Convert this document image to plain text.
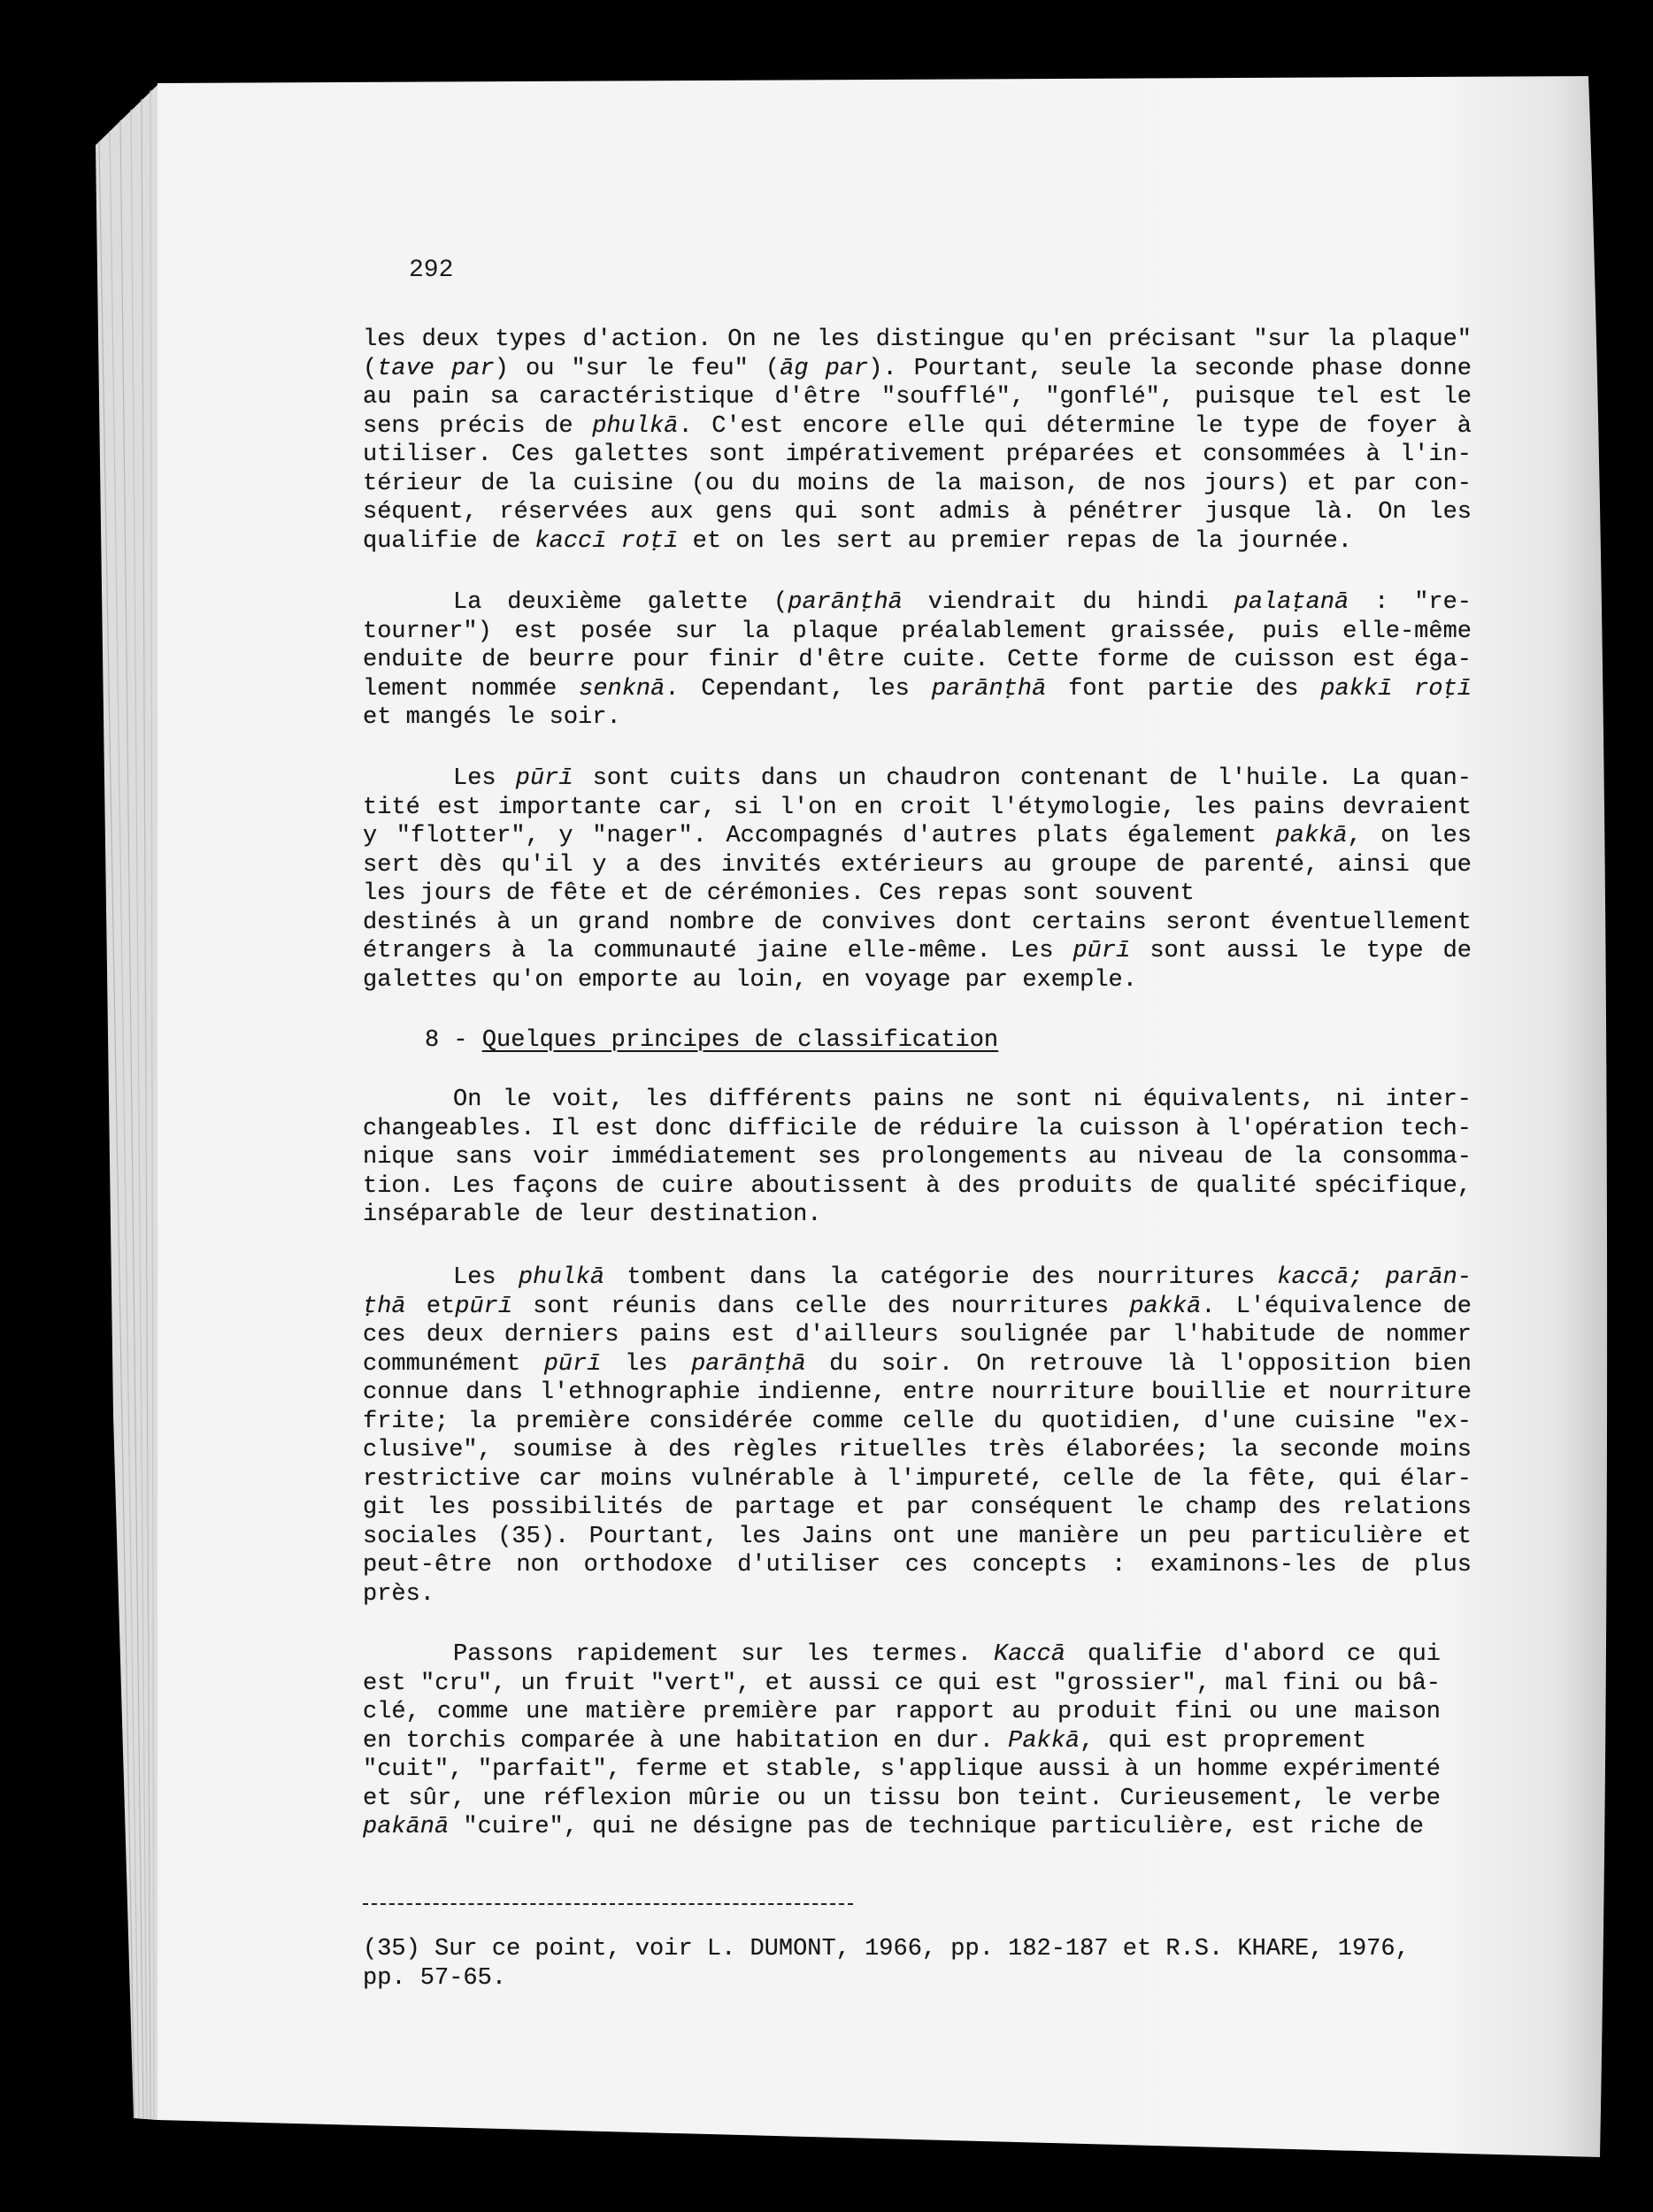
292
les deux types d'action. On ne les distingue qu'en précisant "sur la plaque"
(tave par) ou "sur le feu" (āg par). Pourtant, seule la seconde phase donne
au pain sa caractéristique d'être "soufflé", "gonflé", puisque tel est le
sens précis de phulkā. C'est encore elle qui détermine le type de foyer à
utiliser. Ces galettes sont impérativement préparées et consommées à l'in-
térieur de la cuisine (ou du moins de la maison, de nos jours) et par con-
séquent, réservées aux gens qui sont admis à pénétrer jusque là. On les
qualifie de kaccī roṭī et on les sert au premier repas de la journée.
La deuxième galette (parānṭhā viendrait du hindi palaṭanā : "re-
tourner") est posée sur la plaque préalablement graissée, puis elle-même
enduite de beurre pour finir d'être cuite. Cette forme de cuisson est éga-
lement nommée senknā. Cependant, les parānṭhā font partie des pakkī roṭī
et mangés le soir.
Les pūrī sont cuits dans un chaudron contenant de l'huile. La quan-
tité est importante car, si l'on en croit l'étymologie, les pains devraient
y "flotter", y "nager". Accompagnés d'autres plats également pakkā, on les
sert dès qu'il y a des invités extérieurs au groupe de parenté, ainsi que
les jours de fête et de cérémonies. Ces repas sont souvent
destinés à un grand nombre de convives dont certains seront éventuellement
étrangers à la communauté jaine elle-même. Les pūrī sont aussi le type de
galettes qu'on emporte au loin, en voyage par exemple.
8 - Quelques principes de classification
On le voit, les différents pains ne sont ni équivalents, ni inter-
changeables. Il est donc difficile de réduire la cuisson à l'opération tech-
nique sans voir immédiatement ses prolongements au niveau de la consomma-
tion. Les façons de cuire aboutissent à des produits de qualité spécifique,
inséparable de leur destination.
Les phulkā tombent dans la catégorie des nourritures kaccā; parān-
ṭhā etpūrī sont réunis dans celle des nourritures pakkā. L'équivalence de
ces deux derniers pains est d'ailleurs soulignée par l'habitude de nommer
communément pūrī les parānṭhā du soir. On retrouve là l'opposition bien
connue dans l'ethnographie indienne, entre nourriture bouillie et nourriture
frite; la première considérée comme celle du quotidien, d'une cuisine "ex-
clusive", soumise à des règles rituelles très élaborées; la seconde moins
restrictive car moins vulnérable à l'impureté, celle de la fête, qui élar-
git les possibilités de partage et par conséquent le champ des relations
sociales (35). Pourtant, les Jains ont une manière un peu particulière et
peut-être non orthodoxe d'utiliser ces concepts : examinons-les de plus
près.
Passons rapidement sur les termes. Kaccā qualifie d'abord ce qui
est "cru", un fruit "vert", et aussi ce qui est "grossier", mal fini ou bâ-
clé, comme une matière première par rapport au produit fini ou une maison
en torchis comparée à une habitation en dur. Pakkā, qui est proprement
"cuit", "parfait", ferme et stable, s'applique aussi à un homme expérimenté
et sûr, une réflexion mûrie ou un tissu bon teint. Curieusement, le verbe
pakānā "cuire", qui ne désigne pas de technique particulière, est riche de
(35) Sur ce point, voir L. DUMONT, 1966, pp. 182-187 et R.S. KHARE, 1976,
pp. 57-65.
